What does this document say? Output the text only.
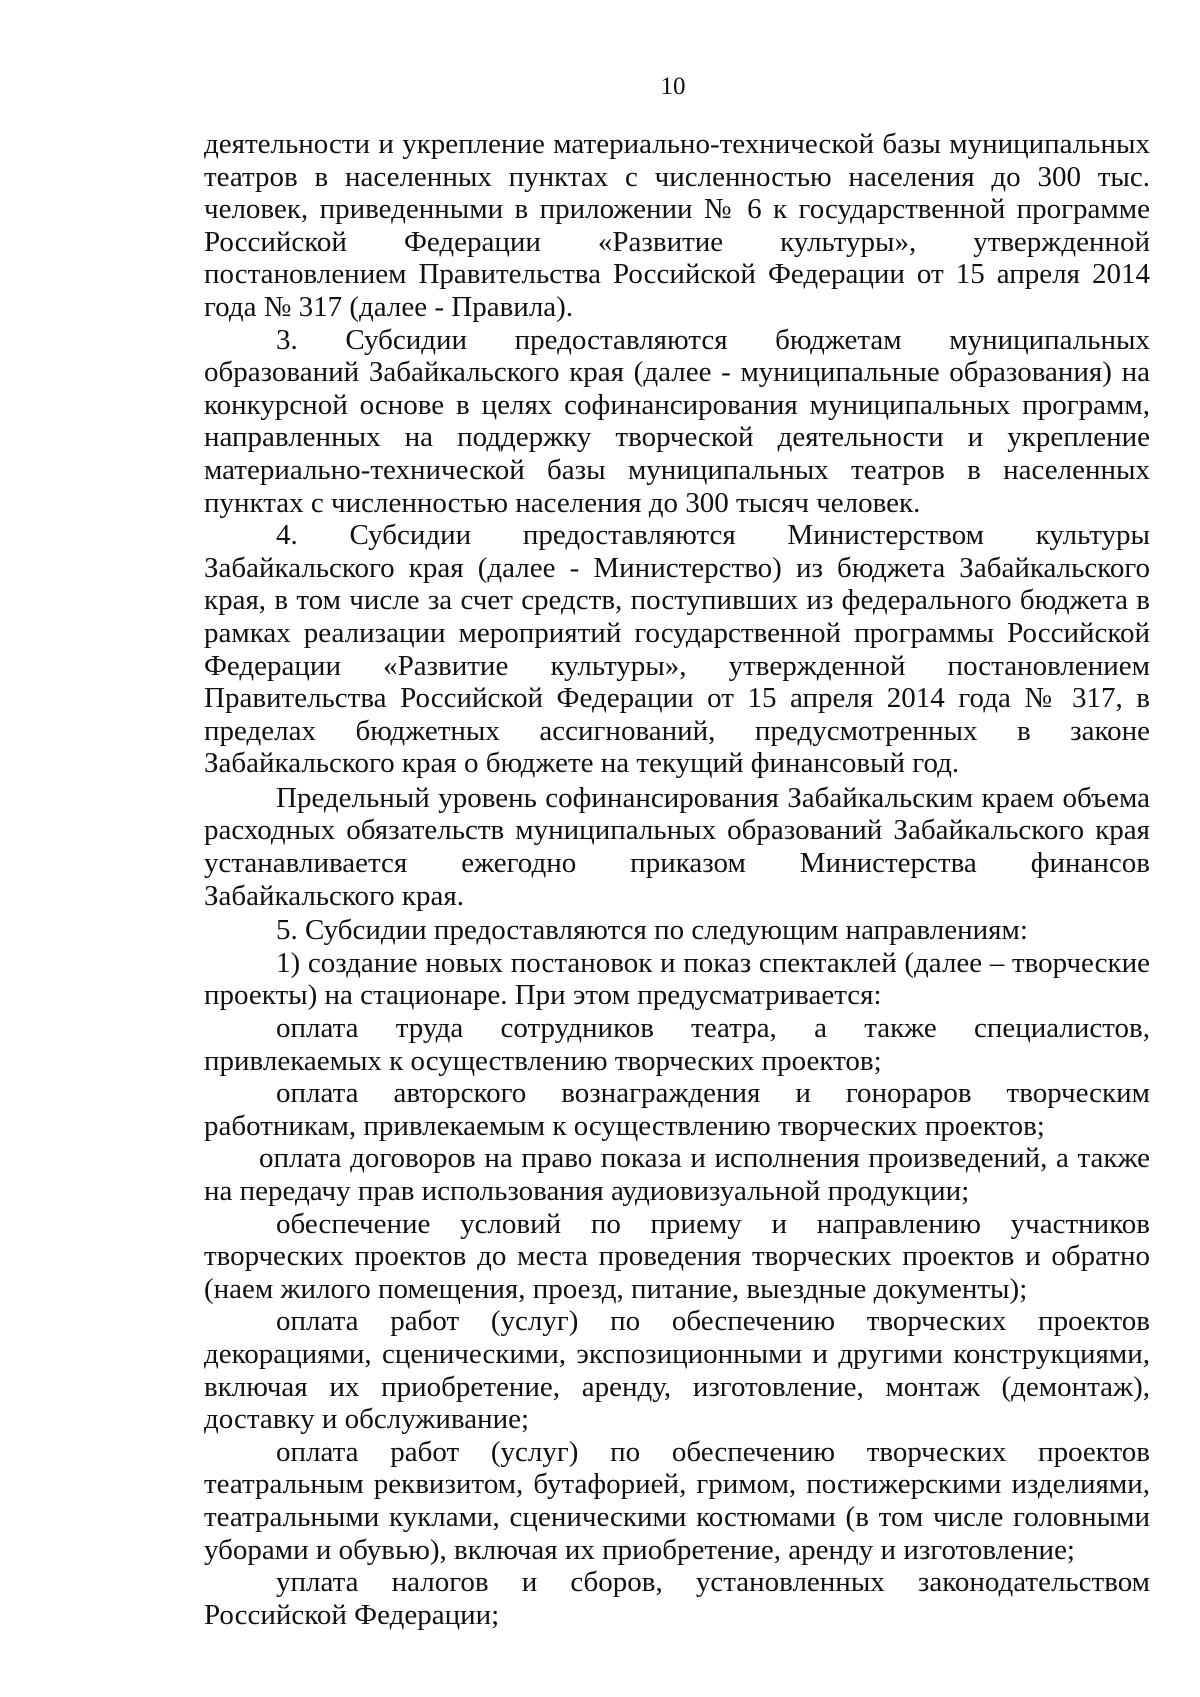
10

деятельности и укрепление материально-технической базы муниципальных театров в населенных пунктах с численностью населения до 300 тыс. человек, приведенными в приложении № 6 к государственной программе Российской Федерации «Развитие культуры», утвержденной постановлением Правительства Российской Федерации от 15 апреля 2014 года № 317 (далее - Правила).

3. Субсидии предоставляются бюджетам муниципальных образований Забайкальского края (далее - муниципальные образования) на конкурсной основе в целях софинансирования муниципальных программ, направленных на поддержку творческой деятельности и укрепление материально-технической базы муниципальных театров в населенных пунктах с численностью населения до 300 тысяч человек.

4. Субсидии предоставляются Министерством культуры Забайкальского края (далее - Министерство) из бюджета Забайкальского края, в том числе за счет средств, поступивших из федерального бюджета в рамках реализации мероприятий государственной программы Российской Федерации «Развитие культуры», утвержденной постановлением Правительства Российской Федерации от 15 апреля 2014 года № 317, в пределах бюджетных ассигнований, предусмотренных в законе Забайкальского края о бюджете на текущий финансовый год.

Предельный уровень софинансирования Забайкальским краем объема расходных обязательств муниципальных образований Забайкальского края устанавливается ежегодно приказом Министерства финансов Забайкальского края.

5. Субсидии предоставляются по следующим направлениям:

1) создание новых постановок и показ спектаклей (далее – творческие проекты) на стационаре. При этом предусматривается:

оплата труда сотрудников театра, а также специалистов, привлекаемых к осуществлению творческих проектов;

оплата авторского вознаграждения и гонораров творческим работникам, привлекаемым к осуществлению творческих проектов;

оплата договоров на право показа и исполнения произведений, а также на передачу прав использования аудиовизуальной продукции;

обеспечение условий по приему и направлению участников творческих проектов до места проведения творческих проектов и обратно (наем жилого помещения, проезд, питание, выездные документы);

оплата работ (услуг) по обеспечению творческих проектов декорациями, сценическими, экспозиционными и другими конструкциями, включая их приобретение, аренду, изготовление, монтаж (демонтаж), доставку и обслуживание;

оплата работ (услуг) по обеспечению творческих проектов театральным реквизитом, бутафорией, гримом, постижерскими изделиями, театральными куклами, сценическими костюмами (в том числе головными уборами и обувью), включая их приобретение, аренду и изготовление;

уплата налогов и сборов, установленных законодательством Российской Федерации;
